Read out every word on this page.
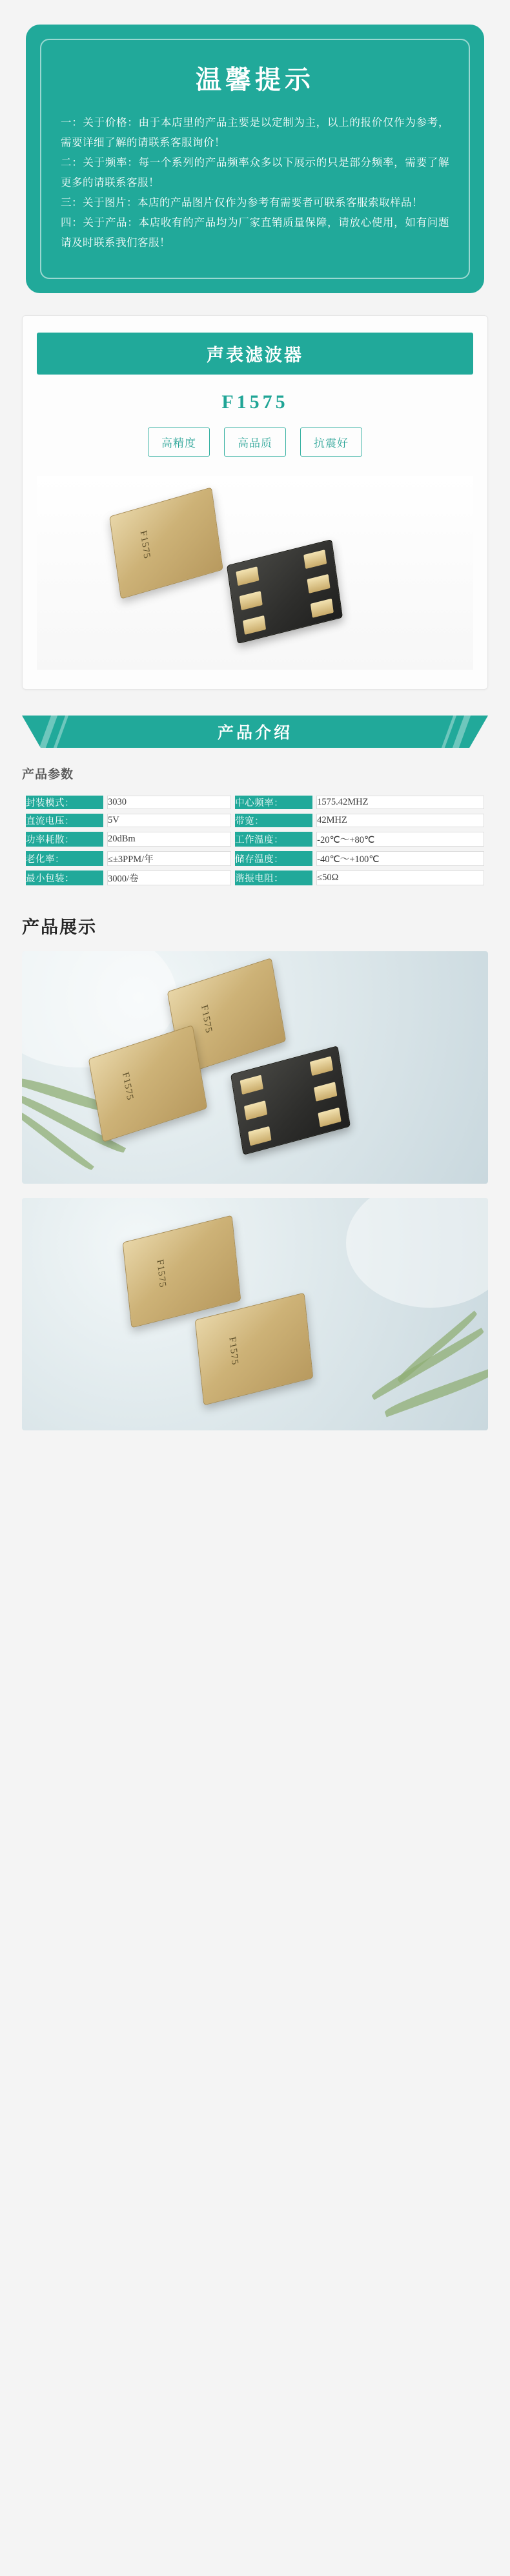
温馨提示

一：关于价格：由于本店里的产品主要是以定制为主，以上的报价仅作为参考，需要详细了解的请联系客服询价！

二：关于频率：每一个系列的产品频率众多以下展示的只是部分频率，需要了解更多的请联系客服！

三：关于图片：本店的产品图片仅作为参考有需要者可联系客服索取样品！

四：关于产品：本店收有的产品均为厂家直销质量保障，请放心使用，如有问题请及时联系我们客服！

声表滤波器
F1575
高精度	高品质	抗震好
F1575
产品介绍
产品参数
封装模式：	3030	中心频率：	1575.42MHZ
直流电压：	5V	带宽：	42MHZ
功率耗散：	20dBm	工作温度：	-20℃～+80℃
老化率：	≤±3PPM/年	储存温度：	-40℃～+100℃
最小包装：	3000/卷	谐振电阻：	≤50Ω
产品展示
F1575
F1575
F1575
F1575
